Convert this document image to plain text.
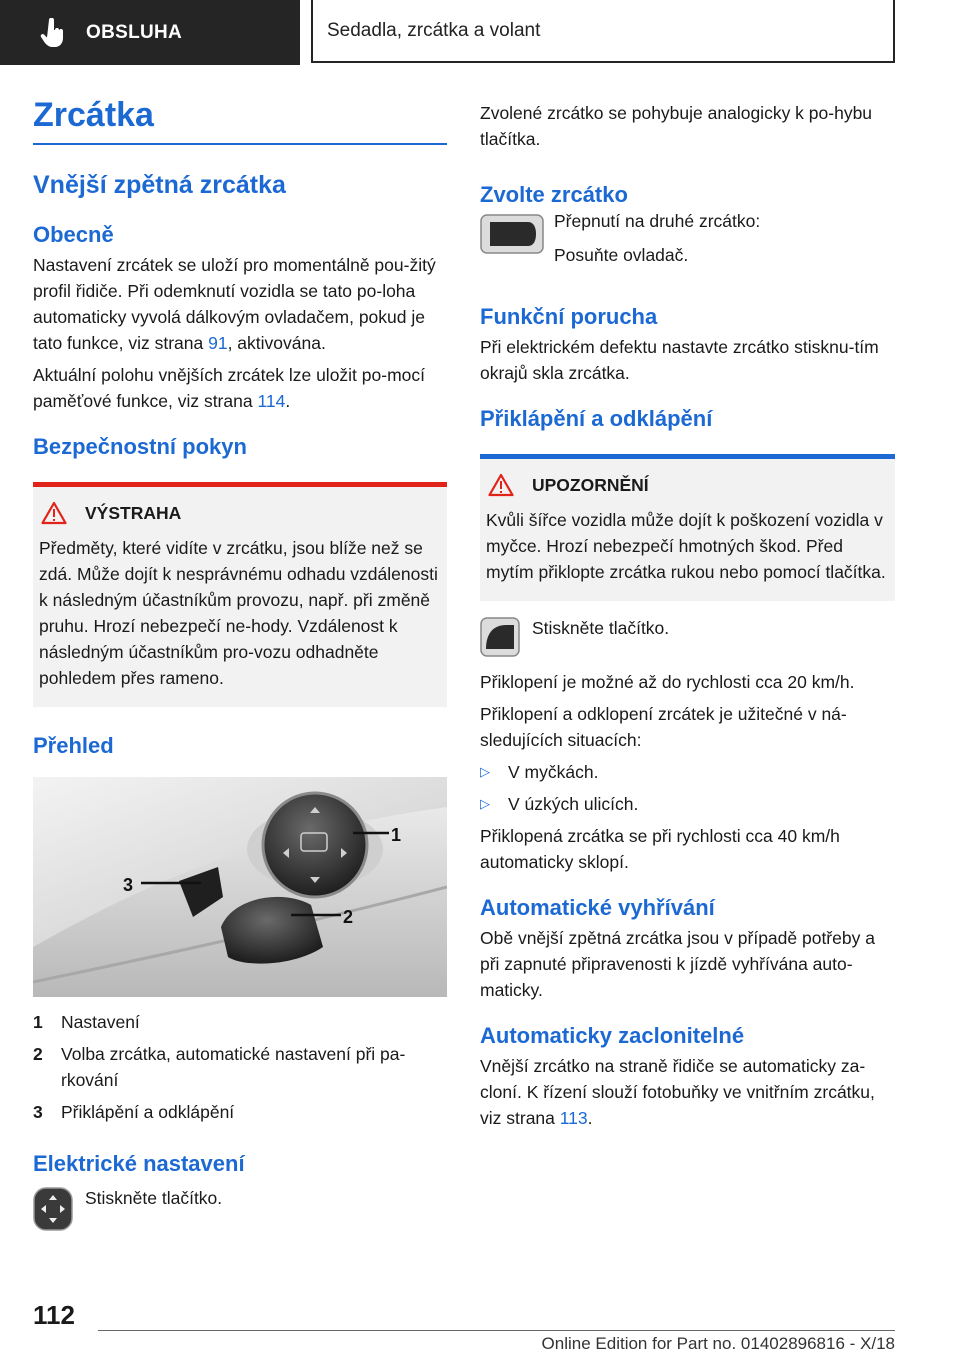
OBSLUHA	Sedadla, zrcátka a volant
Zrcátka
Vnější zpětná zrcátka
Obecně

Nastavení zrcátek se uloží pro momentálně pou-žitý profil řidiče. Při odemknutí vozidla se tato po-loha automaticky vyvolá dálkovým ovladačem, pokud je tato funkce, viz strana 91, aktivována.

Aktuální polohu vnějších zrcátek lze uložit po-mocí paměťové funkce, viz strana 114.

Bezpečnostní pokyn
VÝSTRAHA

Předměty, které vidíte v zrcátku, jsou blíže než se zdá. Může dojít k nesprávnému odhadu vzdálenosti k následným účastníkům provozu, např. při změně pruhu. Hrozí nebezpečí ne-hody. Vzdálenost k následným účastníkům pro-vozu odhadněte pohledem přes rameno.

Přehled
1
2
3
1	Nastavení
2	Volba zrcátka, automatické nastavení při pa-rkování
3	Přiklápění a odklápění
Elektrické nastavení

Stiskněte tlačítko.

Zvolené zrcátko se pohybuje analogicky k po-hybu tlačítka.

Zvolte zrcátko

Přepnutí na druhé zrcátko:

Posuňte ovladač.

Funkční porucha

Při elektrickém defektu nastavte zrcátko stisknu-tím okrajů skla zrcátka.

Přiklápění a odklápění
UPOZORNĚNÍ

Kvůli šířce vozidla může dojít k poškození vozidla v myčce. Hrozí nebezpečí hmotných škod. Před mytím přiklopte zrcátka rukou nebo pomocí tlačítka.

Stiskněte tlačítko.

Přiklopení je možné až do rychlosti cca 20 km/h.

Přiklopení a odklopení zrcátek je užitečné v ná-sledujících situacích:

▷	V myčkách.
▷	V úzkých ulicích.

Přiklopená zrcátka se při rychlosti cca 40 km/h automaticky sklopí.

Automatické vyhřívání

Obě vnější zpětná zrcátka jsou v případě potřeby a při zapnuté připravenosti k jízdě vyhřívána auto-maticky.

Automaticky zaclonitelné

Vnější zrcátko na straně řidiče se automaticky za-cloní. K řízení slouží fotobuňky ve vnitřním zrcátku, viz strana 113.

112
Online Edition for Part no. 01402896816 - X/18
